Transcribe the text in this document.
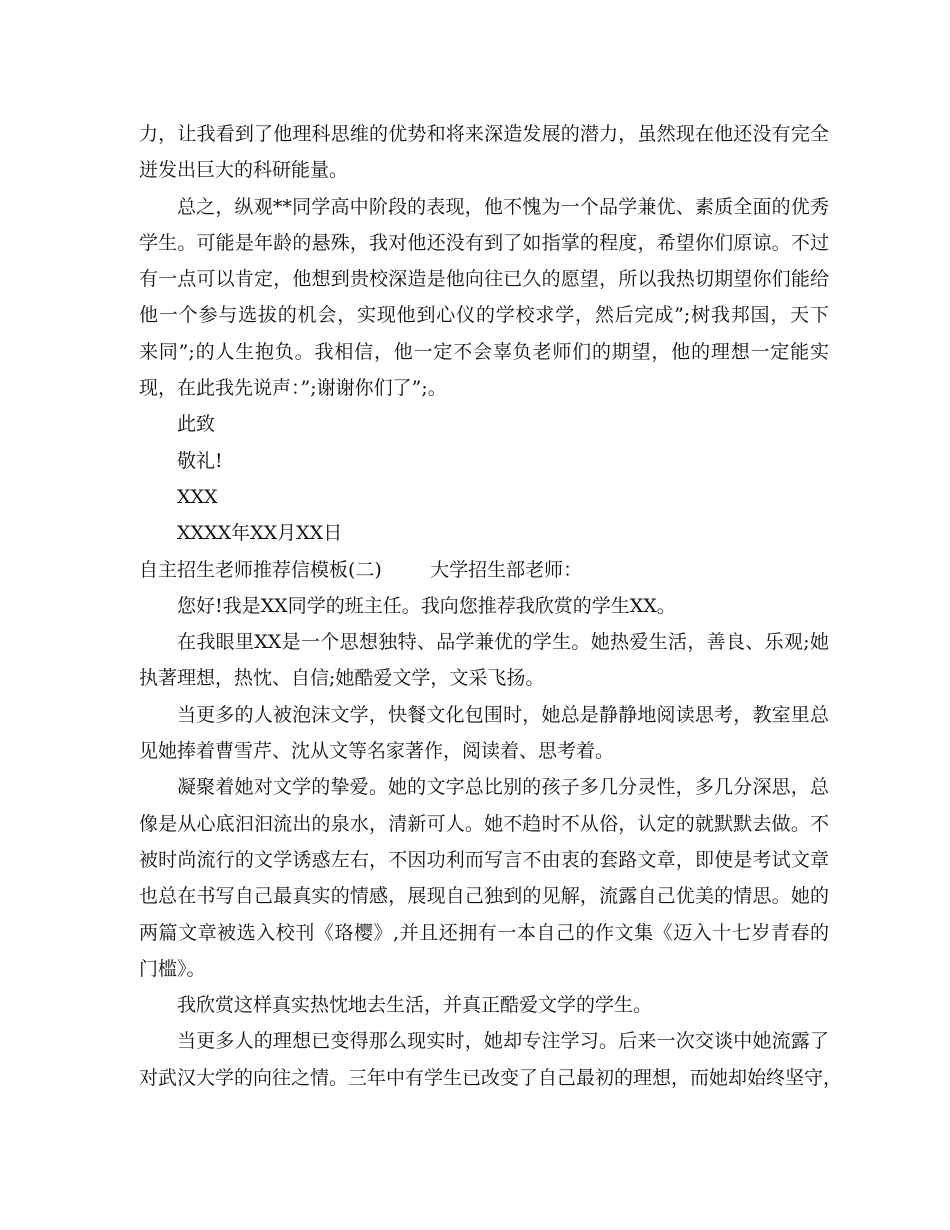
力，让我看到了他理科思维的优势和将来深造发展的潜力，虽然现在他还没有完全
迸发出巨大的科研能量。
总之，纵观**同学高中阶段的表现，他不愧为一个品学兼优、素质全面的优秀
学生。可能是年龄的悬殊，我对他还没有到了如指掌的程度，希望你们原谅。不过
有一点可以肯定，他想到贵校深造是他向往已久的愿望，所以我热切期望你们能给
他一个参与选拔的机会，实现他到心仪的学校求学，然后完成”;树我邦国，天下
来同”;的人生抱负。我相信，他一定不会辜负老师们的期望，他的理想一定能实
现，在此我先说声：”;谢谢你们了”;。
此致
敬礼!
XXX
XXXX年XX月XX日
自主招生老师推荐信模板(二)        大学招生部老师：
您好!我是XX同学的班主任。我向您推荐我欣赏的学生XX。
在我眼里XX是一个思想独特、品学兼优的学生。她热爱生活，善良、乐观;她
执著理想，热忱、自信;她酷爱文学，文采飞扬。
当更多的人被泡沫文学，快餐文化包围时，她总是静静地阅读思考，教室里总
见她捧着曹雪芹、沈从文等名家著作，阅读着、思考着。
凝聚着她对文学的挚爱。她的文字总比别的孩子多几分灵性，多几分深思，总
像是从心底汩汩流出的泉水，清新可人。她不趋时不从俗，认定的就默默去做。不
被时尚流行的文学诱惑左右，不因功利而写言不由衷的套路文章，即使是考试文章
也总在书写自己最真实的情感，展现自己独到的见解，流露自己优美的情思。她的
两篇文章被选入校刊《珞樱》,并且还拥有一本自己的作文集《迈入十七岁青春的
门槛》。
我欣赏这样真实热忱地去生活，并真正酷爱文学的学生。
当更多人的理想已变得那么现实时，她却专注学习。后来一次交谈中她流露了
对武汉大学的向往之情。三年中有学生已改变了自己最初的理想，而她却始终坚守，
